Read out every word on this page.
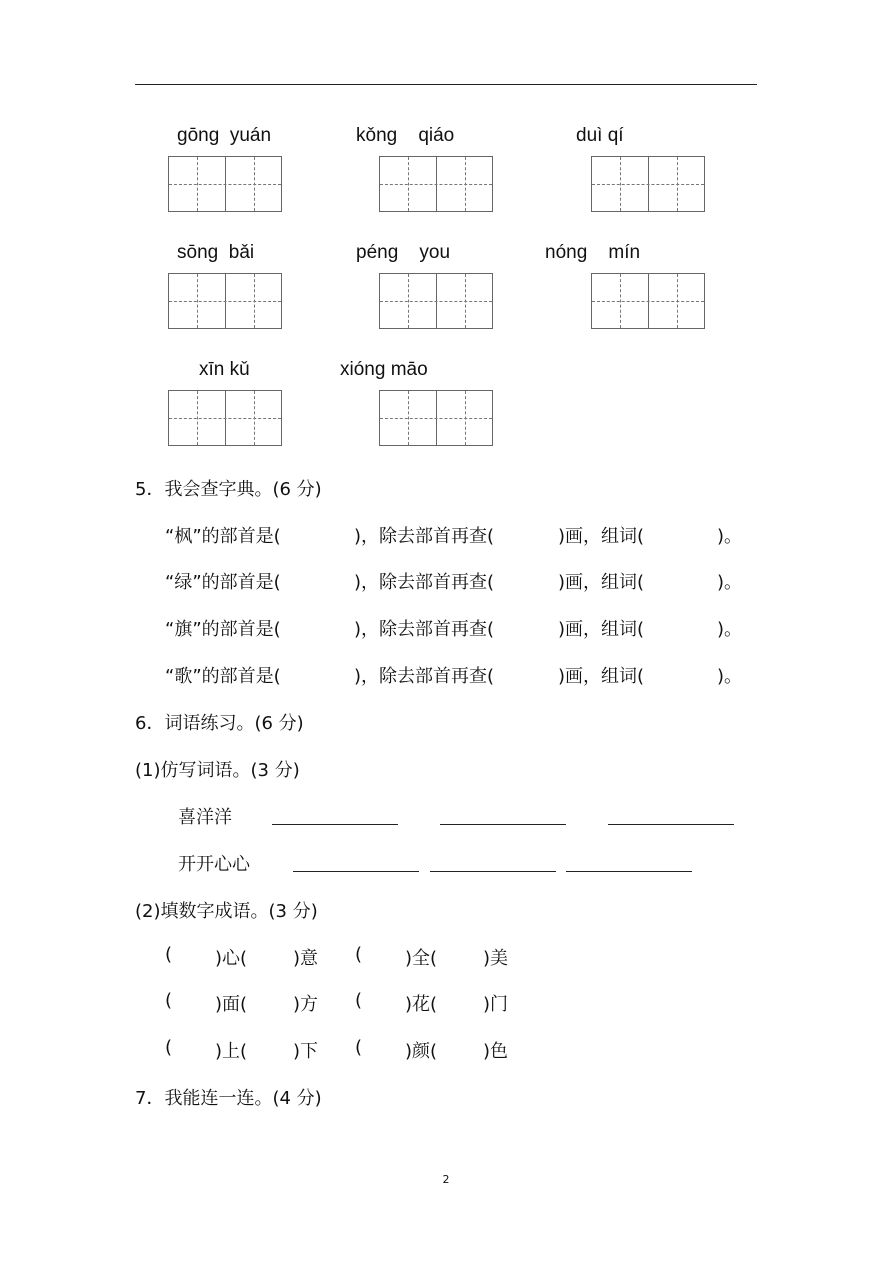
gōng  yuán	kǒng    qiáo	duì qí
sōng  bǎi	péng    you	nóng    mín
xīn kǔ	xióng māo
5．我会查字典。(6 分)
“枫”的部首是(	)，除去部首再查(	)画，组词(	)。
“绿”的部首是(	)，除去部首再查(	)画，组词(	)。
“旗”的部首是(	)，除去部首再查(	)画，组词(	)。
“歌”的部首是(	)，除去部首再查(	)画，组词(	)。
6．词语练习。(6 分)
(1)仿写词语。(3 分)
喜洋洋
开开心心
(2)填数字成语。(3 分)
( )心(	)意 ( )全(	)美
( )面(	)方 ( )花(	)门
( )上(	)下 ( )颜(	)色
7．我能连一连。(4 分)
2
